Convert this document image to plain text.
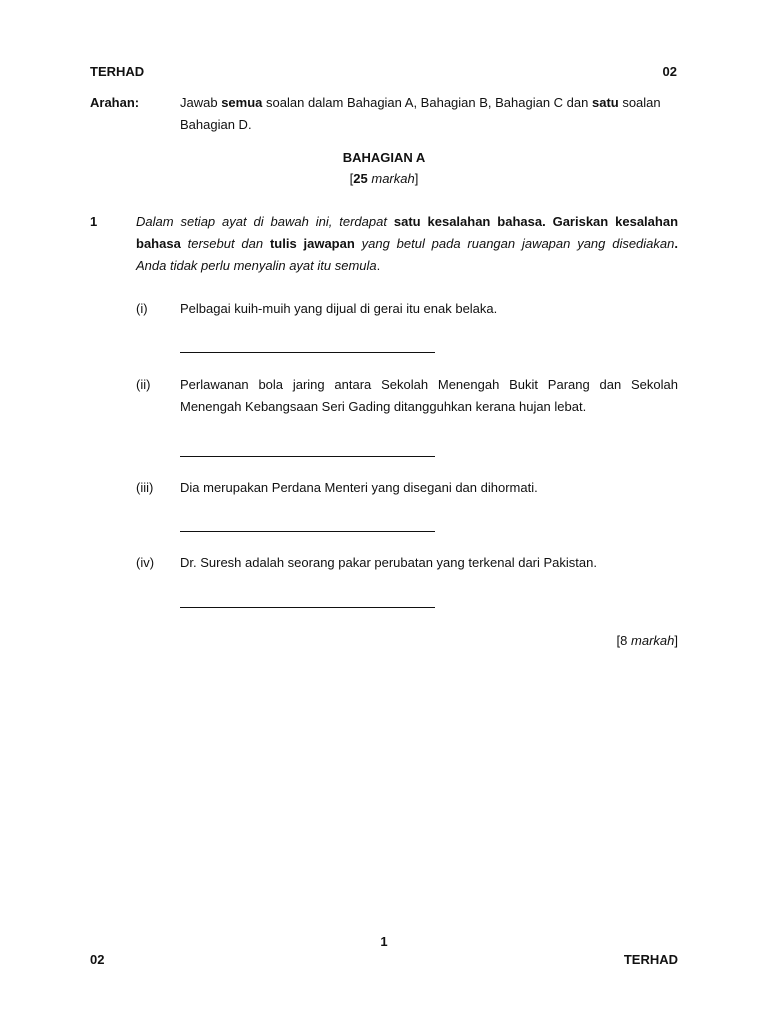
TERHAD	02
Arahan:	Jawab semua soalan dalam Bahagian A, Bahagian B, Bahagian C dan satu soalan
Bahagian D.
BAHAGIAN A
[25 markah]
1	Dalam setiap ayat di bawah ini, terdapat satu kesalahan bahasa. Gariskan kesalahan
bahasa tersebut dan tulis jawapan yang betul pada ruangan jawapan yang disediakan.
Anda tidak perlu menyalin ayat itu semula.
(i) Pelbagai kuih-muih yang dijual di gerai itu enak belaka.
(ii) Perlawanan bola jaring antara Sekolah Menengah Bukit Parang dan Sekolah
Menengah Kebangsaan Seri Gading ditangguhkan kerana hujan lebat.
(iii) Dia merupakan Perdana Menteri yang disegani dan dihormati.
(iv) Dr. Suresh adalah seorang pakar perubatan yang terkenal dari Pakistan.
[8 markah]
1
02	TERHAD
